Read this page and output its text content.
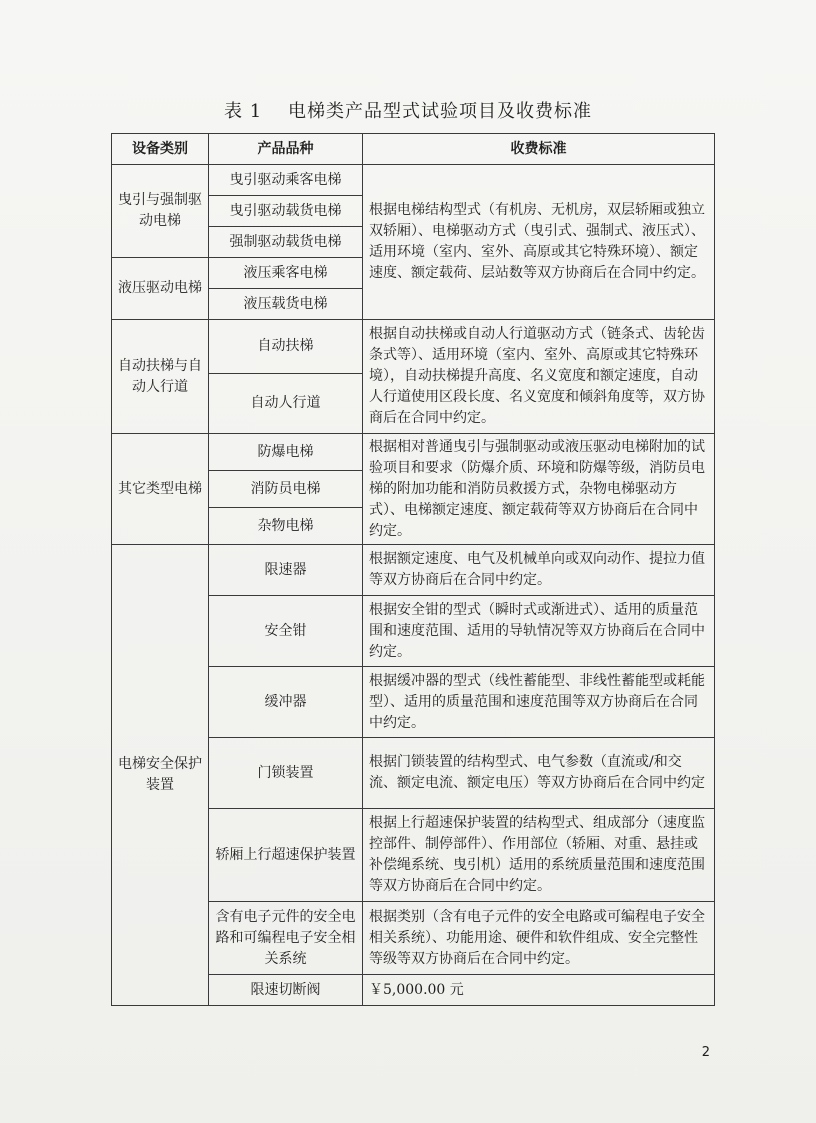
表 1　 电梯类产品型式试验项目及收费标准
设备类别	产品品种	收费标准
曳引与强制驱动电梯	曳引驱动乘客电梯	根据电梯结构型式（有机房、无机房，双层轿厢或独立双轿厢）、电梯驱动方式（曳引式、强制式、液压式）、适用环境（室内、室外、高原或其它特殊环境）、额定速度、额定载荷、层站数等双方协商后在合同中约定。
	曳引驱动载货电梯	
	强制驱动载货电梯	
液压驱动电梯	液压乘客电梯	
	液压载货电梯	
自动扶梯与自动人行道	自动扶梯	根据自动扶梯或自动人行道驱动方式（链条式、齿轮齿条式等）、适用环境（室内、室外、高原或其它特殊环境），自动扶梯提升高度、名义宽度和额定速度，自动人行道使用区段长度、名义宽度和倾斜角度等，双方协商后在合同中约定。
	自动人行道	
其它类型电梯	防爆电梯	根据相对普通曳引与强制驱动或液压驱动电梯附加的试验项目和要求（防爆介质、环境和防爆等级，消防员电梯的附加功能和消防员救援方式，杂物电梯驱动方式）、电梯额定速度、额定载荷等双方协商后在合同中约定。
	消防员电梯	
	杂物电梯	
电梯安全保护装置	限速器	根据额定速度、电气及机械单向或双向动作、提拉力值等双方协商后在合同中约定。
	安全钳	根据安全钳的型式（瞬时式或渐进式）、适用的质量范围和速度范围、适用的导轨情况等双方协商后在合同中约定。
	缓冲器	根据缓冲器的型式（线性蓄能型、非线性蓄能型或耗能型）、适用的质量范围和速度范围等双方协商后在合同中约定。
	门锁装置	根据门锁装置的结构型式、电气参数（直流或/和交流、额定电流、额定电压）等双方协商后在合同中约定
	轿厢上行超速保护装置	根据上行超速保护装置的结构型式、组成部分（速度监控部件、制停部件）、作用部位（轿厢、对重、悬挂或补偿绳系统、曳引机）适用的系统质量范围和速度范围等双方协商后在合同中约定。
	含有电子元件的安全电路和可编程电子安全相关系统	根据类别（含有电子元件的安全电路或可编程电子安全相关系统）、功能用途、硬件和软件组成、安全完整性等级等双方协商后在合同中约定。
	限速切断阀	￥5,000.00 元
2
